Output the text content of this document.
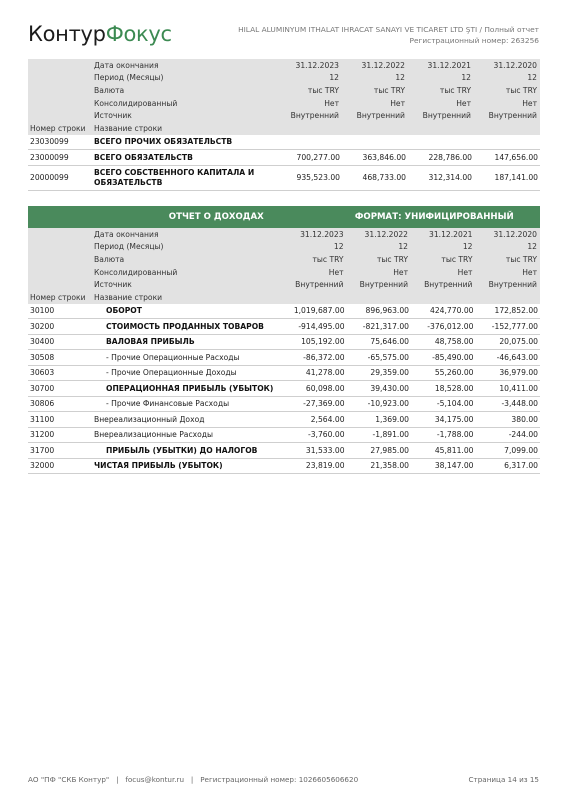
КонтурФокус	HILAL ALUMINYUM ITHALAT IHRACAT SANAYI VE TICARET LTD ŞTI / Полный отчет
Регистрационный номер: 263256
	Дата окончания	31.12.2023	31.12.2022	31.12.2021	31.12.2020
	Период (Месяцы)	12	12	12	12
	Валюта	тыс TRY	тыс TRY	тыс TRY	тыс TRY
	Консолидированный	Нет	Нет	Нет	Нет
	Источник	Внутренний	Внутренний	Внутренний	Внутренний
Номер строки	Название строки				
23030099	ВСЕГО ПРОЧИХ ОБЯЗАТЕЛЬСТВ				
23000099	ВСЕГО ОБЯЗАТЕЛЬСТВ	700,277.00	363,846.00	228,786.00	147,656.00
20000099	ВСЕГО СОБСТВЕННОГО КАПИТАЛА И
ОБЯЗАТЕЛЬСТВ	935,523.00	468,733.00	312,314.00	187,141.00
ОТЧЕТ О ДОХОДАХ			ФОРМАТ: УНИФИЦИРОВАННЫЙ		
	Дата окончания	31.12.2023	31.12.2022	31.12.2021	31.12.2020
	Период (Месяцы)	12	12	12	12
	Валюта	тыс TRY	тыс TRY	тыс TRY	тыс TRY
	Консолидированный	Нет	Нет	Нет	Нет
	Источник	Внутренний	Внутренний	Внутренний	Внутренний
Номер строки	Название строки				
30100	ОБОРОТ	1,019,687.00	896,963.00	424,770.00	172,852.00
30200	СТОИМОСТЬ ПРОДАННЫХ ТОВАРОВ	-914,495.00	-821,317.00	-376,012.00	-152,777.00
30400	ВАЛОВАЯ ПРИБЫЛЬ	105,192.00	75,646.00	48,758.00	20,075.00
30508	- Прочие Операционные Расходы	-86,372.00	-65,575.00	-85,490.00	-46,643.00
30603	- Прочие Операционные Доходы	41,278.00	29,359.00	55,260.00	36,979.00
30700	ОПЕРАЦИОННАЯ ПРИБЫЛЬ (УБЫТОК)	60,098.00	39,430.00	18,528.00	10,411.00
30806	- Прочие Финансовые Расходы	-27,369.00	-10,923.00	-5,104.00	-3,448.00
31100	Внереализационный Доход	2,564.00	1,369.00	34,175.00	380.00
31200	Внереализационные Расходы	-3,760.00	-1,891.00	-1,788.00	-244.00
31700	ПРИБЫЛЬ (УБЫТКИ) ДО НАЛОГОВ	31,533.00	27,985.00	45,811.00	7,099.00
32000	ЧИСТАЯ ПРИБЫЛЬ (УБЫТОК)	23,819.00	21,358.00	38,147.00	6,317.00
АО "ПФ "СКБ Контур" | focus@kontur.ru | Регистрационный номер: 1026605606620	Страница 14 из 15
